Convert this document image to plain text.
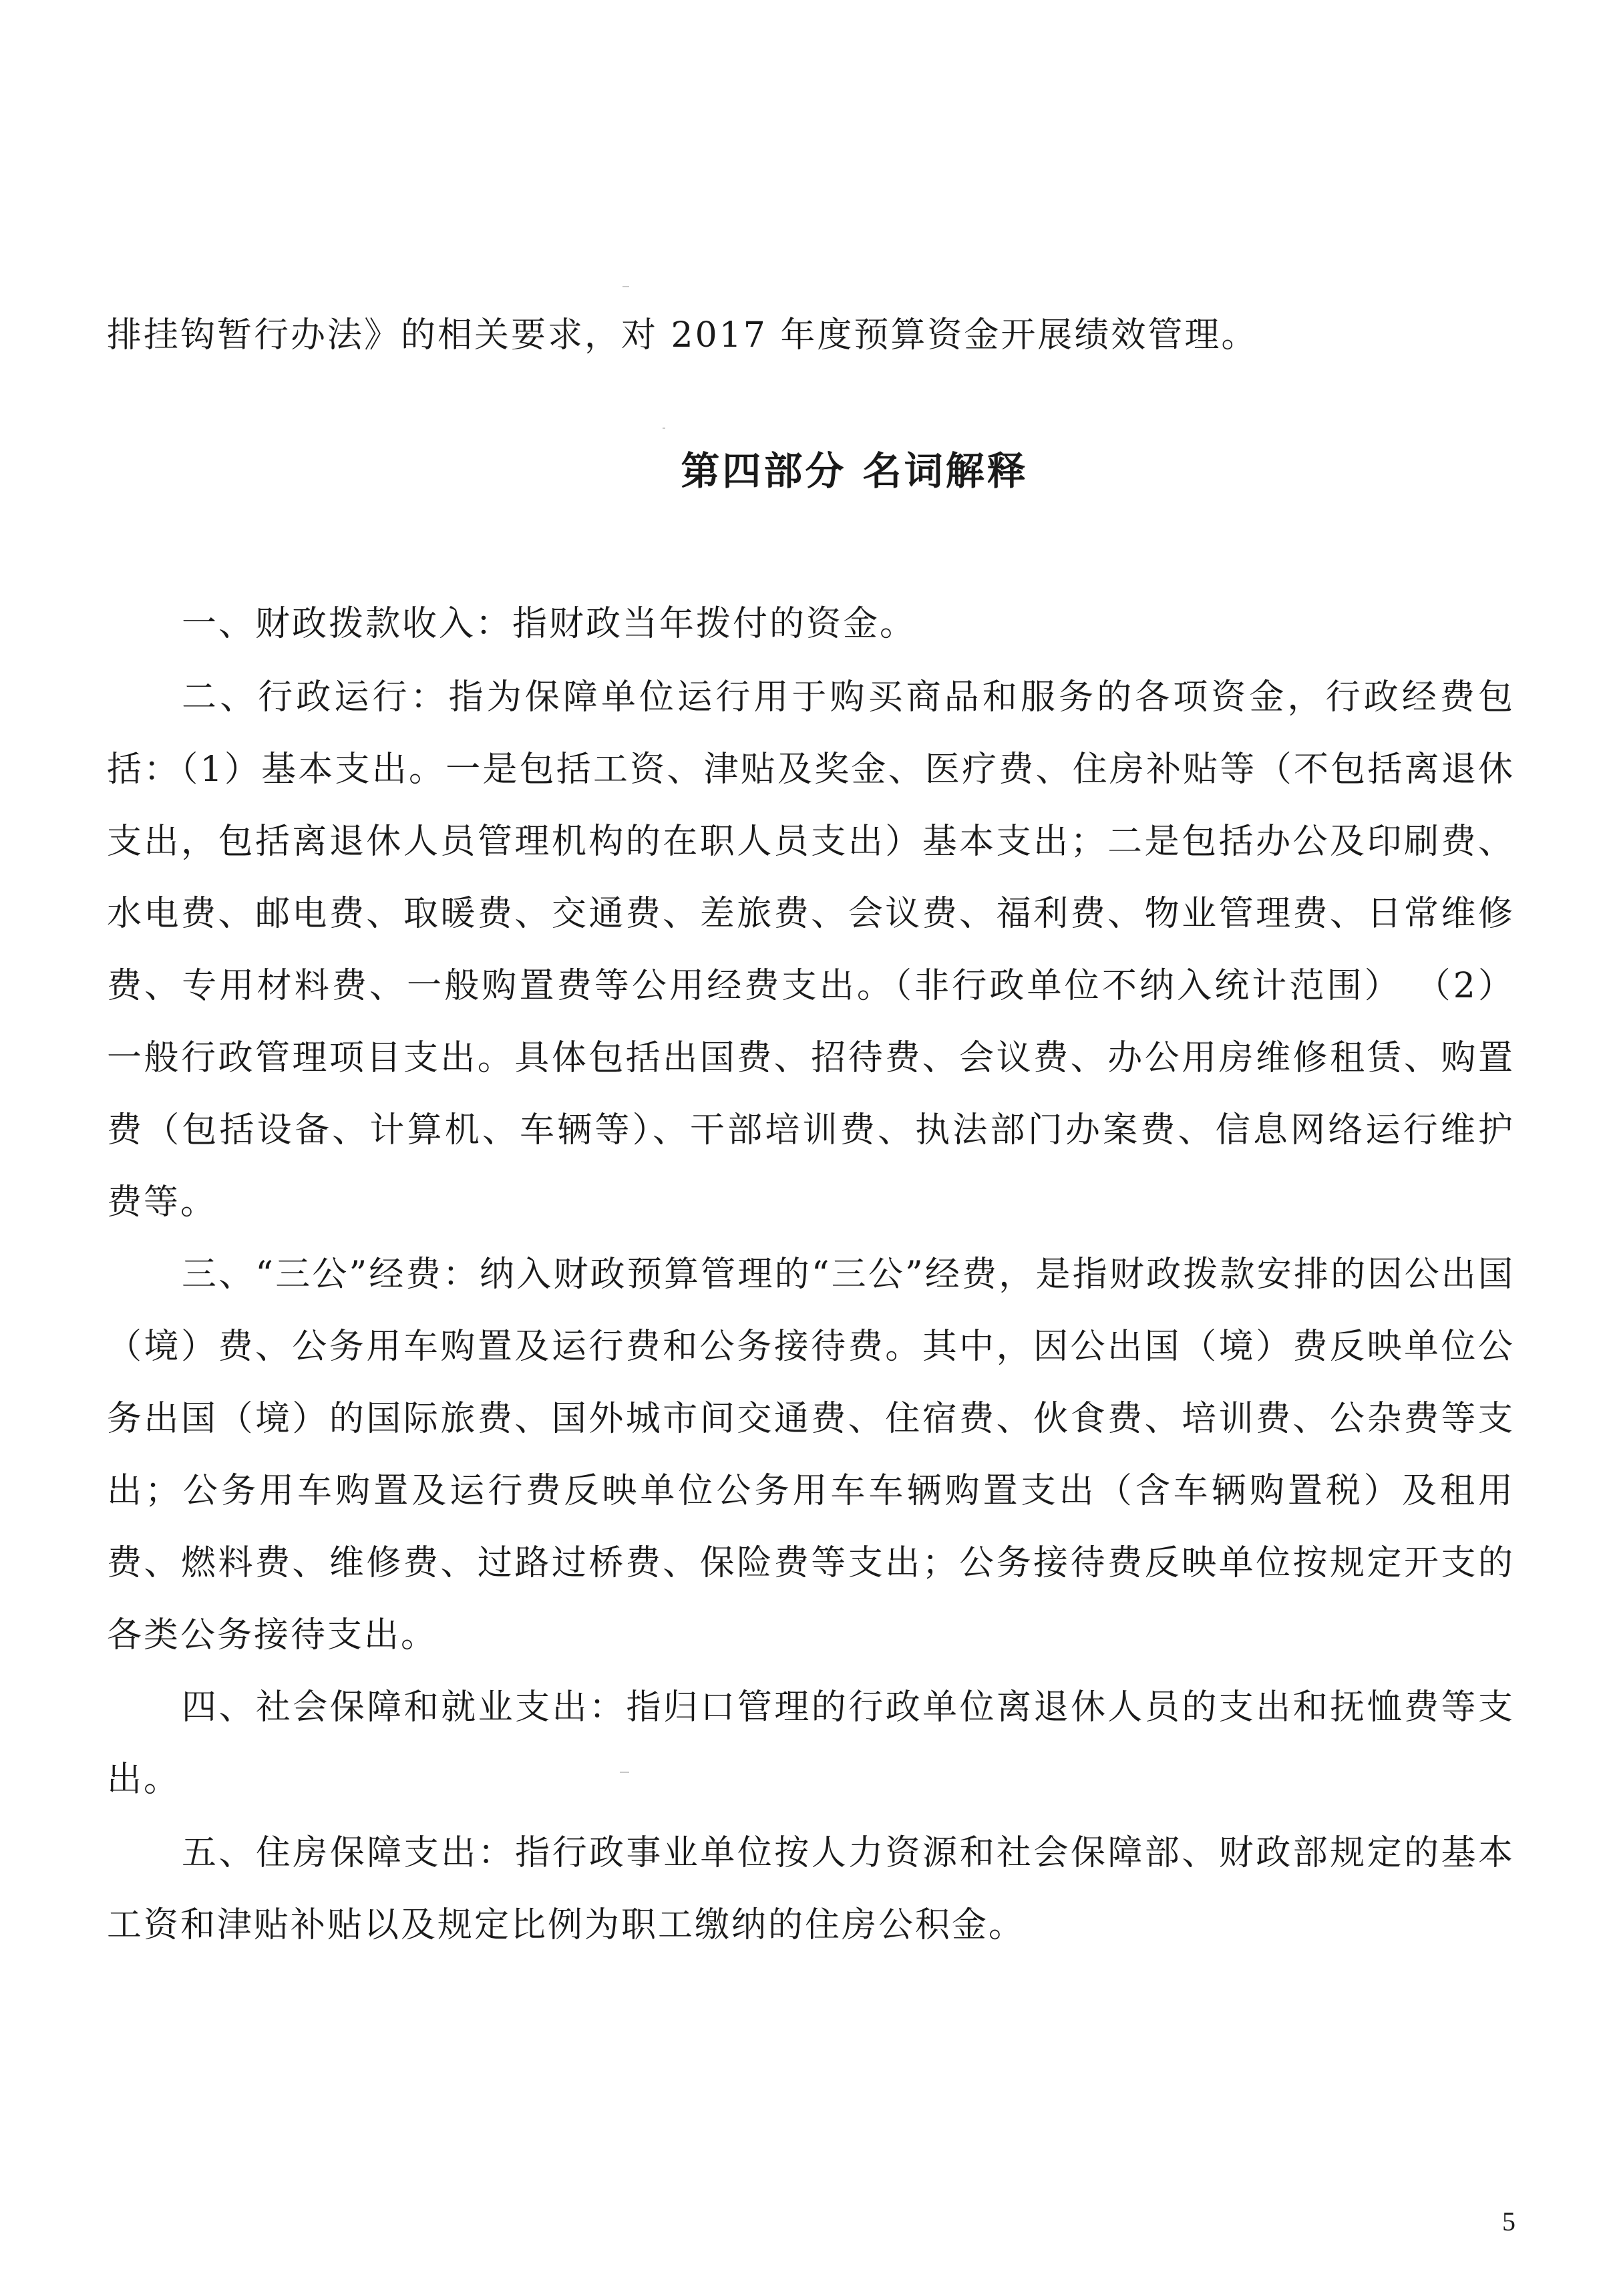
排挂钩暂行办法》的相关要求，对 2017 年度预算资金开展绩效管理。

第四部分 名词解释

一、财政拨款收入：指财政当年拨付的资金。

二、行政运行：指为保障单位运行用于购买商品和服务的各项资金，行政经费包括：（1）基本支出。一是包括工资、津贴及奖金、医疗费、住房补贴等（不包括离退休支出，包括离退休人员管理机构的在职人员支出）基本支出；二是包括办公及印刷费、水电费、邮电费、取暖费、交通费、差旅费、会议费、福利费、物业管理费、日常维修费、专用材料费、一般购置费等公用经费支出。（非行政单位不纳入统计范围） （2）一般行政管理项目支出。具体包括出国费、招待费、会议费、办公用房维修租赁、购置费（包括设备、计算机、车辆等）、干部培训费、执法部门办案费、信息网络运行维护费等。

三、“三公”经费：纳入财政预算管理的“三公”经费，是指财政拨款安排的因公出国（境）费、公务用车购置及运行费和公务接待费。其中，因公出国（境）费反映单位公务出国（境）的国际旅费、国外城市间交通费、住宿费、伙食费、培训费、公杂费等支出；公务用车购置及运行费反映单位公务用车车辆购置支出（含车辆购置税）及租用费、燃料费、维修费、过路过桥费、保险费等支出；公务接待费反映单位按规定开支的各类公务接待支出。

四、社会保障和就业支出：指归口管理的行政单位离退休人员的支出和抚恤费等支出。

五、住房保障支出：指行政事业单位按人力资源和社会保障部、财政部规定的基本工资和津贴补贴以及规定比例为职工缴纳的住房公积金。

5
